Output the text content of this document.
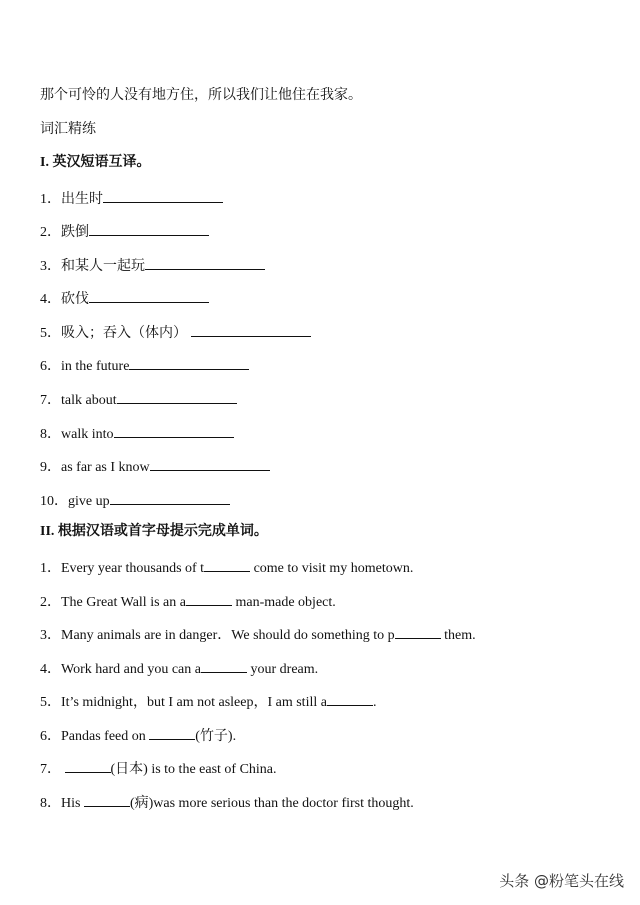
那个可怜的人没有地方住，所以我们让他住在我家。
词汇精练
I. 英汉短语互译。
1．出生时
2．跌倒
3．和某人一起玩
4．砍伐
5．吸入；吞入（体内）
6．in the future
7．talk about
8．walk into
9．as far as I know
10．give up
II. 根据汉语或首字母提示完成单词。
1．Every year thousands of t	come to visit my hometown.
2．The Great Wall is an a	man-made object.
3．Many animals are in danger．We should do something to p	them.
4．Work hard and you can a	your dream.
5．It’s midnight，but I am not asleep，I am still a	.
6．Pandas feed on	(竹子).
7．	(日本) is to the east of China.
8．His	(病)was more serious than the doctor first thought.
头条 @粉笔头在线
